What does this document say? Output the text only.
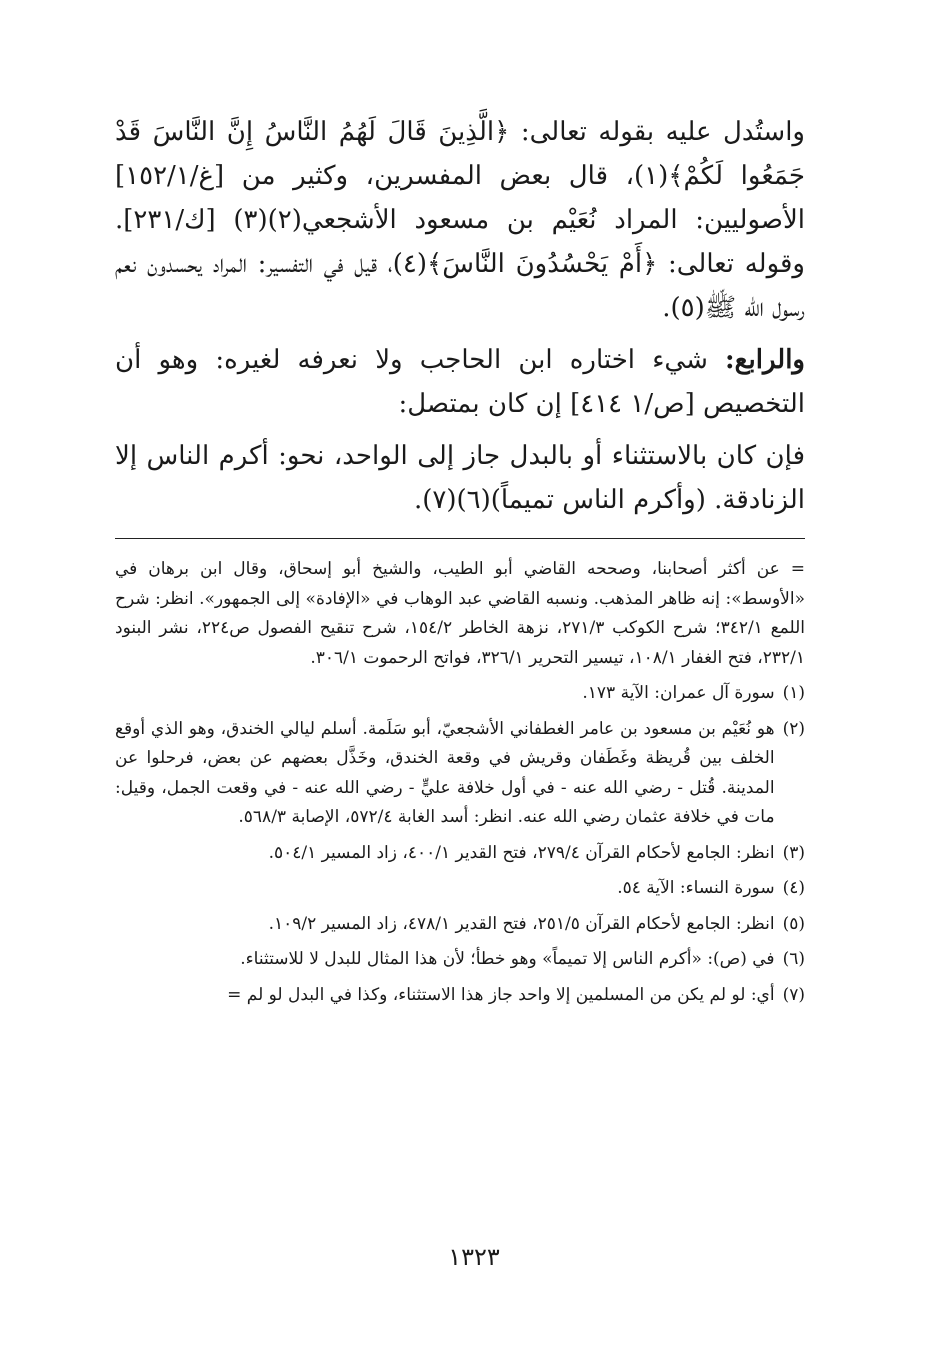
واستُدل عليه بقوله تعالى: ﴿الَّذِينَ قَالَ لَهُمُ النَّاسُ إِنَّ النَّاسَ قَدْ جَمَعُوا لَكُمْ﴾(١)، قال بعض المفسرين، وكثير من [غ/١٥٢/١] الأصوليين: المراد نُعَيْم بن مسعود الأشجعي(٢)(٣) [ك/٢٣١]. وقوله تعالى: ﴿أَمْ يَحْسُدُونَ النَّاسَ﴾(٤)، قيل في التفسير: المراد يحسدون نعم رسول الله ﷺ(٥).

والرابع: شيء اختاره ابن الحاجب ولا نعرفه لغيره: وهو أن التخصيص [ص/١ ٤١٤] إن كان بمتصل:

فإن كان بالاستثناء أو بالبدل جاز إلى الواحد، نحو: أكرم الناس إلا الزنادقة. (وأكرم الناس تميماً)(٦)(٧).

= عن أكثر أصحابنا، وصححه القاضي أبو الطيب، والشيخ أبو إسحاق، وقال ابن برهان في «الأوسط»: إنه ظاهر المذهب. ونسبه القاضي عبد الوهاب في «الإفادة» إلى الجمهور». انظر: شرح اللمع ٣٤٢/١؛ شرح الكوكب ٢٧١/٣، نزهة الخاطر ١٥٤/٢، شرح تنقيح الفصول ص٢٢٤، نشر البنود ٢٣٢/١، فتح الغفار ١٠٨/١، تيسير التحرير ٣٢٦/١، فواتح الرحموت ٣٠٦/١.

(١)
سورة آل عمران: الآية ١٧٣.
(٢)
هو نُعَيْم بن مسعود بن عامر الغطفاني الأشجعيّ، أبو سَلَمة. أسلم ليالي الخندق، وهو الذي أوقع الخلف بين قُريظة وغَطَفان وقريش في وقعة الخندق، وخَذَّل بعضهم عن بعض، فرحلوا عن المدينة. قُتل - رضي الله عنه - في أول خلافة عليٍّ - رضي الله عنه - في وقعت الجمل، وقيل: مات في خلافة عثمان رضي الله عنه. انظر: أسد الغابة ٥٧٢/٤، الإصابة ٥٦٨/٣.
(٣)
انظر: الجامع لأحكام القرآن ٢٧٩/٤، فتح القدير ٤٠٠/١، زاد المسير ٥٠٤/١.
(٤)
سورة النساء: الآية ٥٤.
(٥)
انظر: الجامع لأحكام القرآن ٢٥١/٥، فتح القدير ٤٧٨/١، زاد المسير ١٠٩/٢.
(٦)
في (ص): «أكرم الناس إلا تميماً» وهو خطأ؛ لأن هذا المثال للبدل لا للاستثناء.
(٧)
أي: لو لم يكن من المسلمين إلا واحد جاز هذا الاستثناء، وكذا في البدل لو لم =
١٣٢٣
